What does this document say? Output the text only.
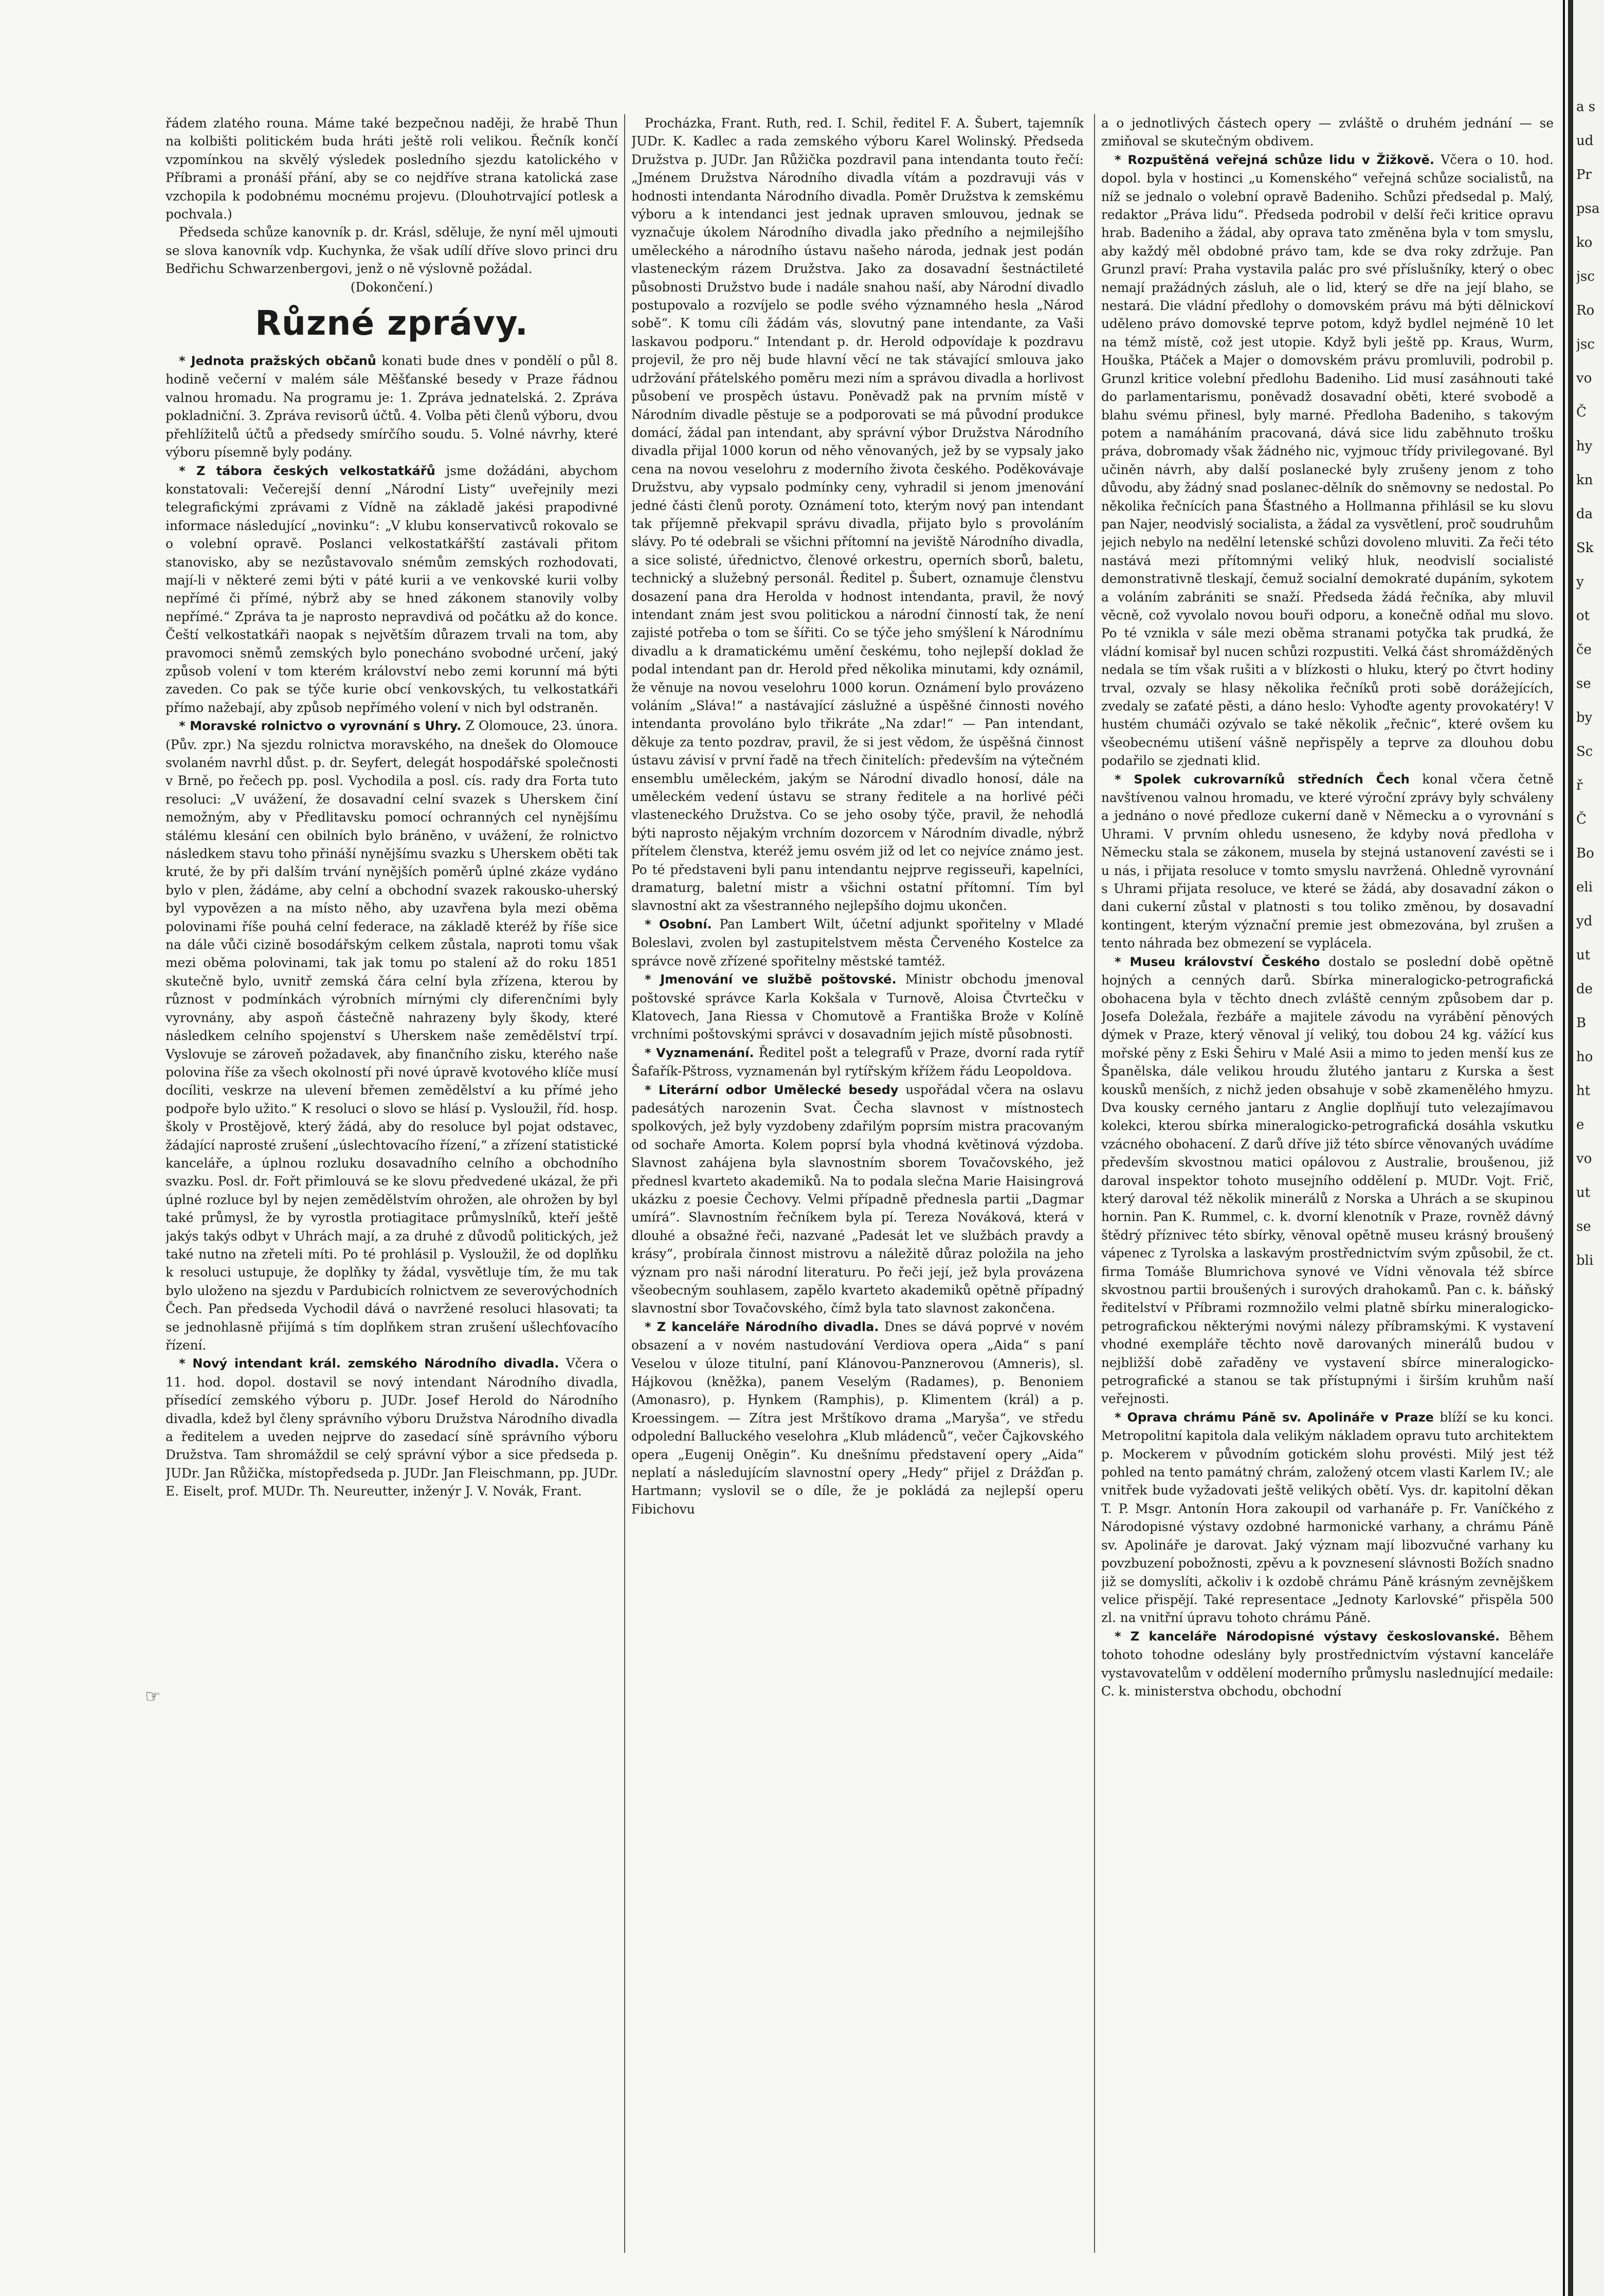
řádem zlatého rouna. Máme také bezpečnou naději, že hrabě Thun na kolbišti politickém buda hráti ještě roli velikou. Řečník končí vzpomínkou na skvělý výsledek posledního sjezdu katolického v Příbrami a pronáší přání, aby se co nejdříve strana katolická zase vzchopila k podobnému mocnému projevu. (Dlouhotrvající potlesk a pochvala.)

Předseda schůze kanovník p. dr. Krásl, sděluje, že nyní měl ujmouti se slova kanovník vdp. Kuchynka, že však udílí dříve slovo princi dru Bedřichu Schwarzenbergovi, jenž o ně výslovně požádal.

(Dokončení.)

Různé zprávy.

* Jednota pražských občanů konati bude dnes v pondělí o půl 8. hodině večerní v malém sále Měšťanské besedy v Praze řádnou valnou hromadu. Na programu je: 1. Zpráva jednatelská. 2. Zpráva pokladniční. 3. Zpráva revisorů účtů. 4. Volba pěti členů výboru, dvou přehlížitelů účtů a předsedy smírčího soudu. 5. Volné návrhy, které výboru písemně byly podány.

* Z tábora českých velkostatkářů jsme dožádáni, abychom konstatovali: Večerejší denní „Národní Listy“ uveřejnily mezi telegrafickými zprávami z Vídně na základě jakési prapodivné informace následující „novinku“: „V klubu konservativců rokovalo se o volební opravě. Poslanci velkostatkářští zastávali přitom stanovisko, aby se nezůstavovalo snémům zemských rozhodovati, mají-li v některé zemi býti v páté kurii a ve venkovské kurii volby nepřímé či přímé, nýbrž aby se hned zákonem stanovily volby nepřímé.“ Zpráva ta je naprosto nepravdivá od počátku až do konce. Čeští velkostatkáři naopak s největším důrazem trvali na tom, aby pravomoci sněmů zemských bylo ponecháno svobodné určení, jaký způsob volení v tom kterém království nebo zemi korunní má býti zaveden. Co pak se týče kurie obcí venkovských, tu velkostatkáři přímo nažebají, aby způsob nepřímého volení v nich byl odstraněn.

* Moravské rolnictvo o vyrovnání s Uhry. Z Olomouce, 23. února. (Pův. zpr.) Na sjezdu rolnictva moravského, na dnešek do Olomouce svolaném navrhl důst. p. dr. Seyfert, delegát hospodářské společnosti v Brně, po řečech pp. posl. Vychodila a posl. cís. rady dra Forta tuto resoluci: „V uvážení, že dosavadní celní svazek s Uherskem činí nemožným, aby v Předlitavsku pomocí ochranných cel nynějšímu stálému klesání cen obilních bylo bráněno, v uvážení, že rolnictvo následkem stavu toho přináší nynějšímu svazku s Uherskem oběti tak kruté, že by při dalším trvání nynějších poměrů úplné zkáze vydáno bylo v plen, žádáme, aby celní a obchodní svazek rakousko-uherský byl vypovězen a na místo něho, aby uzavřena byla mezi oběma polovinami říše pouhá celní federace, na základě kteréž by říše sice na dále vůči cizině bosodářským celkem zůstala, naproti tomu však mezi oběma polovinami, tak jak tomu po stalení až do roku 1851 skutečně bylo, uvnitř zemská čára celní byla zřízena, kterou by různost v podmínkách výrobních mírnými cly diferenčními byly vyrovnány, aby aspoň částečně nahrazeny byly škody, které následkem celního spojenství s Uherskem naše zemědělství trpí. Vyslovuje se zároveň požadavek, aby finančního zisku, kterého naše polovina říše za všech okolností při nové úpravě kvotového klíče musí docíliti, veskrze na ulevení břemen zemědělství a ku přímé jeho podpoře bylo užito.“ K resoluci o slovo se hlásí p. Vysloužil, říd. hosp. školy v Prostějově, který žádá, aby do resoluce byl pojat odstavec, žádající naprosté zrušení „úslechtovacího řízení,“ a zřízení statistické kanceláře, a úplnou rozluku dosavadního celního a obchodního svazku. Posl. dr. Fořt přimlouvá se ke slovu předvedené ukázal, že při úplné rozluce byl by nejen zemědělstvím ohrožen, ale ohrožen by byl také průmysl, že by vyrostla protiagitace průmyslníků, kteří ještě jakýs takýs odbyt v Uhrách mají, a za druhé z důvodů politických, jež také nutno na zřeteli míti. Po té prohlásil p. Vysloužil, že od doplňku k resoluci ustupuje, že doplňky ty žádal, vysvětluje tím, že mu tak bylo uloženo na sjezdu v Pardubicích rolnictvem ze severovýchodních Čech. Pan předseda Vychodil dává o navržené resoluci hlasovati; ta se jednohlasně přijímá s tím doplňkem stran zrušení ušlechťovacího řízení.

* Nový intendant král. zemského Národního divadla. Včera o 11. hod. dopol. dostavil se nový intendant Národního divadla, přísedící zemského výboru p. JUDr. Josef Herold do Národního divadla, kdež byl členy správního výboru Družstva Národního divadla a ředitelem a uveden nejprve do zasedací síně správního výboru Družstva. Tam shromáždil se celý správní výbor a sice předseda p. JUDr. Jan Růžička, místopředseda p. JUDr. Jan Fleischmann, pp. JUDr. E. Eiselt, prof. MUDr. Th. Neureutter, inženýr J. V. Novák, Frant.

Procházka, Frant. Ruth, red. I. Schil, ředitel F. A. Šubert, tajemník JUDr. K. Kadlec a rada zemského výboru Karel Wolinský. Předseda Družstva p. JUDr. Jan Růžička pozdravil pana intendanta touto řečí: „Jménem Družstva Národního divadla vítám a pozdravuji vás v hodnosti intendanta Národního divadla. Poměr Družstva k zemskému výboru a k intendanci jest jednak upraven smlouvou, jednak se vyznačuje úkolem Národního divadla jako předního a nejmilejšího uměleckého a národního ústavu našeho národa, jednak jest podán vlasteneckým rázem Družstva. Jako za dosavadní šestnáctileté působnosti Družstvo bude i nadále snahou naší, aby Národní divadlo postupovalo a rozvíjelo se podle svého významného hesla „Národ sobě“. K tomu cíli žádám vás, slovutný pane intendante, za Vaši laskavou podporu.“ Intendant p. dr. Herold odpovídaje k pozdravu projevil, že pro něj bude hlavní věcí ne tak stávající smlouva jako udržování přátelského poměru mezi ním a správou divadla a horlivost působení ve prospěch ústavu. Poněvadž pak na prvním místě v Národním divadle pěstuje se a podporovati se má původní produkce domácí, žádal pan intendant, aby správní výbor Družstva Národního divadla přijal 1000 korun od něho věnovaných, jež by se vypsaly jako cena na novou veselohru z moderního života českého. Poděkovávaje Družstvu, aby vypsalo podmínky ceny, vyhradil si jenom jmenování jedné části členů poroty. Oznámení toto, kterým nový pan intendant tak příjemně překvapil správu divadla, přijato bylo s provoláním slávy. Po té odebrali se všichni přítomní na jeviště Národního divadla, a sice solisté, úřednictvo, členové orkestru, operních sborů, baletu, technický a služebný personál. Ředitel p. Šubert, oznamuje členstvu dosazení pana dra Herolda v hodnost intendanta, pravil, že nový intendant znám jest svou politickou a národní činností tak, že není zajisté potřeba o tom se šířiti. Co se týče jeho smýšlení k Národnímu divadlu a k dramatickému umění českému, toho nejlepší doklad že podal intendant pan dr. Herold před několika minutami, kdy oznámil, že věnuje na novou veselohru 1000 korun. Oznámení bylo provázeno voláním „Sláva!“ a nastávající záslužné a úspěšné činnosti nového intendanta provoláno bylo třikráte „Na zdar!“ — Pan intendant, děkuje za tento pozdrav, pravil, že si jest vědom, že úspěšná činnost ústavu závisí v první řadě na třech činitelích: především na výtečném ensemblu uměleckém, jakým se Národní divadlo honosí, dále na uměleckém vedení ústavu se strany ředitele a na horlivé péči vlasteneckého Družstva. Co se jeho osoby týče, pravil, že nehodlá býti naprosto nějakým vrchním dozorcem v Národním divadle, nýbrž přítelem členstva, kteréž jemu osvém již od let co nejvíce známo jest. Po té představeni byli panu intendantu nejprve regisseuři, kapelníci, dramaturg, baletní mistr a všichni ostatní přítomní. Tím byl slavnostní akt za všestranného nejlepšího dojmu ukončen.

* Osobní. Pan Lambert Wilt, účetní adjunkt spořitelny v Mladé Boleslavi, zvolen byl zastupitelstvem města Červeného Kostelce za správce nově zřízené spořitelny městské tamtéž.

* Jmenování ve službě poštovské. Ministr obchodu jmenoval poštovské správce Karla Kokšala v Turnově, Aloisa Čtvrtečku v Klatovech, Jana Riessa v Chomutově a Františka Brože v Kolíně vrchními poštovskými správci v dosavadním jejich místě působnosti.

* Vyznamenání. Ředitel pošt a telegrafů v Praze, dvorní rada rytíř Šafařík-Pštross, vyznamenán byl rytířským křížem řádu Leopoldova.

* Literární odbor Umělecké besedy uspořádal včera na oslavu padesátých narozenin Svat. Čecha slavnost v místnostech spolkových, jež byly vyzdobeny zdařilým poprsím mistra pracovaným od sochaře Amorta. Kolem poprsí byla vhodná květinová výzdoba. Slavnost zahájena byla slavnostním sborem Tovačovského, jež přednesl kvarteto akademiků. Na to podala slečna Marie Haisingrová ukázku z poesie Čechovy. Velmi případně přednesla partii „Dagmar umírá“. Slavnostním řečníkem byla pí. Tereza Nováková, která v dlouhé a obsažné řeči, nazvané „Padesát let ve službách pravdy a krásy“, probírala činnost mistrovu a náležitě důraz položila na jeho význam pro naši národní literaturu. Po řeči její, jež byla provázena všeobecným souhlasem, zapělo kvarteto akademiků opětně případný slavnostní sbor Tovačovského, čímž byla tato slavnost zakončena.

* Z kanceláře Národního divadla. Dnes se dává poprvé v novém obsazení a v novém nastudování Verdiova opera „Aida“ s paní Veselou v úloze titulní, paní Klánovou-Panznerovou (Amneris), sl. Hájkovou (kněžka), panem Veselým (Radames), p. Benoniem (Amonasro), p. Hynkem (Ramphis), p. Klimentem (král) a p. Kroessingem. — Zítra jest Mrštíkovo drama „Maryša“, ve středu odpolední Balluckého veselohra „Klub mládenců“, večer Čajkovského opera „Eugenij Oněgin“. Ku dnešnímu představení opery „Aida“ neplatí a následujícím slavnostní opery „Hedy“ přijel z Drážďan p. Hartmann; vyslovil se o díle, že je pokládá za nejlepší operu Fibichovu

a o jednotlivých částech opery — zvláště o druhém jednání — se zmiňoval se skutečným obdivem.

* Rozpuštěná veřejná schůze lidu v Žižkově. Včera o 10. hod. dopol. byla v hostinci „u Komenského“ veřejná schůze socialistů, na níž se jednalo o volební opravě Badeniho. Schůzi předsedal p. Malý, redaktor „Práva lidu“. Předseda podrobil v delší řeči kritice opravu hrab. Badeniho a žádal, aby oprava tato změněna byla v tom smyslu, aby každý měl obdobné právo tam, kde se dva roky zdržuje. Pan Grunzl praví: Praha vystavila palác pro své příslušníky, který o obec nemají pražádných zásluh, ale o lid, který se dře na její blaho, se nestará. Die vládní předlohy o domovském právu má býti dělnickoví uděleno právo domovské teprve potom, když bydlel nejméně 10 let na témž místě, což jest utopie. Když byli ještě pp. Kraus, Wurm, Houška, Ptáček a Majer o domovském právu promluvili, podrobil p. Grunzl kritice volební předlohu Badeniho. Lid musí zasáhnouti také do parlamentarismu, poněvadž dosavadní oběti, které svobodě a blahu svému přinesl, byly marné. Předloha Badeniho, s takovým potem a namáháním pracovaná, dává sice lidu zaběhnuto trošku práva, dobromady však žádného nic, vyjmouc třídy privilegované. Byl učiněn návrh, aby další poslanecké byly zrušeny jenom z toho důvodu, aby žádný snad poslanec-dělník do sněmovny se nedostal. Po několika řečnících pana Šťastného a Hollmanna přihlásil se ku slovu pan Najer, neodvislý socialista, a žádal za vysvětlení, proč soudruhům jejich nebylo na nedělní letenské schůzi dovoleno mluviti. Za řeči této nastává mezi přítomnými veliký hluk, neodvislí socialisté demonstrativně tleskají, čemuž socialní demokraté dupáním, sykotem a voláním zabrániti se snaží. Předseda žádá řečníka, aby mluvil věcně, což vyvolalo novou bouři odporu, a konečně odňal mu slovo. Po té vznikla v sále mezi oběma stranami potyčka tak prudká, že vládní komisař byl nucen schůzi rozpustiti. Velká část shromážděných nedala se tím však rušiti a v blízkosti o hluku, který po čtvrt hodiny trval, ozvaly se hlasy několika řečníků proti sobě dorážejících, zvedaly se zaťaté pěsti, a dáno heslo: Vyhoďte agenty provokatéry! V hustém chumáči ozývalo se také několik „řečnic“, které ovšem ku všeobecnému utišení vášně nepřispěly a teprve za dlouhou dobu podařilo se zjednati klid.

* Spolek cukrovarníků středních Čech konal včera četně navštívenou valnou hromadu, ve které výroční zprávy byly schváleny a jednáno o nové předloze cukerní daně v Německu a o vyrovnání s Uhrami. V prvním ohledu usneseno, že kdyby nová předloha v Německu stala se zákonem, musela by stejná ustanovení zavésti se i u nás, i přijata resoluce v tomto smyslu navržená. Ohledně vyrovnání s Uhrami přijata resoluce, ve které se žádá, aby dosavadní zákon o dani cukerní zůstal v platnosti s tou toliko změnou, by dosavadní kontingent, kterým význační premie jest obmezována, byl zrušen a tento náhrada bez obmezení se vyplácela.

* Museu království Českého dostalo se poslední době opětně hojných a cenných darů. Sbírka mineralogicko-petrografická obohacena byla v těchto dnech zvláště cenným způsobem dar p. Josefa Doležala, řezbáře a majitele závodu na vyrábění pěnových dýmek v Praze, který věnoval jí veliký, tou dobou 24 kg. vážící kus mořské pěny z Eski Šehiru v Malé Asii a mimo to jeden menší kus ze Španělska, dále velikou hroudu žlutého jantaru z Kurska a šest kousků menších, z nichž jeden obsahuje v sobě zkamenělého hmyzu. Dva kousky cerného jantaru z Anglie doplňují tuto velezajímavou kolekci, kterou sbírka mineralogicko-petrografická dosáhla vskutku vzácného obohacení. Z darů dříve již této sbírce věnovaných uvádíme především skvostnou matici opálovou z Australie, broušenou, již daroval inspektor tohoto musejního oddělení p. MUDr. Vojt. Frič, který daroval též několik minerálů z Norska a Uhrách a se skupinou hornin. Pan K. Rummel, c. k. dvorní klenotník v Praze, rovněž dávný štědrý příznivec této sbírky, věnoval opětně museu krásný broušený vápenec z Tyrolska a laskavým prostřednictvím svým způsobil, že ct. firma Tomáše Blumrichova synové ve Vídni věnovala též sbírce skvostnou partii broušených i surových drahokamů. Pan c. k. báňský ředitelství v Příbrami rozmnožilo velmi platně sbírku mineralogicko-petrografickou některými novými nálezy příbramskými. K vystavení vhodné exempláře těchto nově darovaných minerálů budou v nejbližší době zařaděny ve vystavení sbírce mineralogicko-petrografické a stanou se tak přístupnými i širším kruhům naší veřejnosti.

* Oprava chrámu Páně sv. Apolináře v Praze blíží se ku konci. Metropolitní kapitola dala velikým nákladem opravu tuto architektem p. Mockerem v původním gotickém slohu provésti. Milý jest též pohled na tento památný chrám, založený otcem vlasti Karlem IV.; ale vnitřek bude vyžadovati ještě velikých obětí. Vys. dr. kapitolní děkan T. P. Msgr. Antonín Hora zakoupil od varhanáře p. Fr. Vaníčkého z Národopisné výstavy ozdobné harmonické varhany, a chrámu Páně sv. Apolináře je darovat. Jaký význam mají libozvučné varhany ku povzbuzení pobožnosti, zpěvu a k povznesení slávnosti Božích snadno již se domyslíti, ačkoliv i k ozdobě chrámu Páně krásným zevnějškem velice přispějí. Také representace „Jednoty Karlovské“ přispěla 500 zl. na vnitřní úpravu tohoto chrámu Páně.

* Z kanceláře Národopisné výstavy českoslovanské. Během tohoto tohodne odeslány byly prostřednictvím výstavní kanceláře vystavovatelům v oddělení moderního průmyslu naslednující medaile: C. k. ministerstva obchodu, obchodní

☞
a s
ud
Pr
psa
ko
jsc
Ro
jsc
vo
Č
hy
kn
da
Sk
y
ot
če
se
by
Sc
ř
Č
Bo
eli
yd
ut
de
B
ho
ht
e
vo
ut
se
bli
